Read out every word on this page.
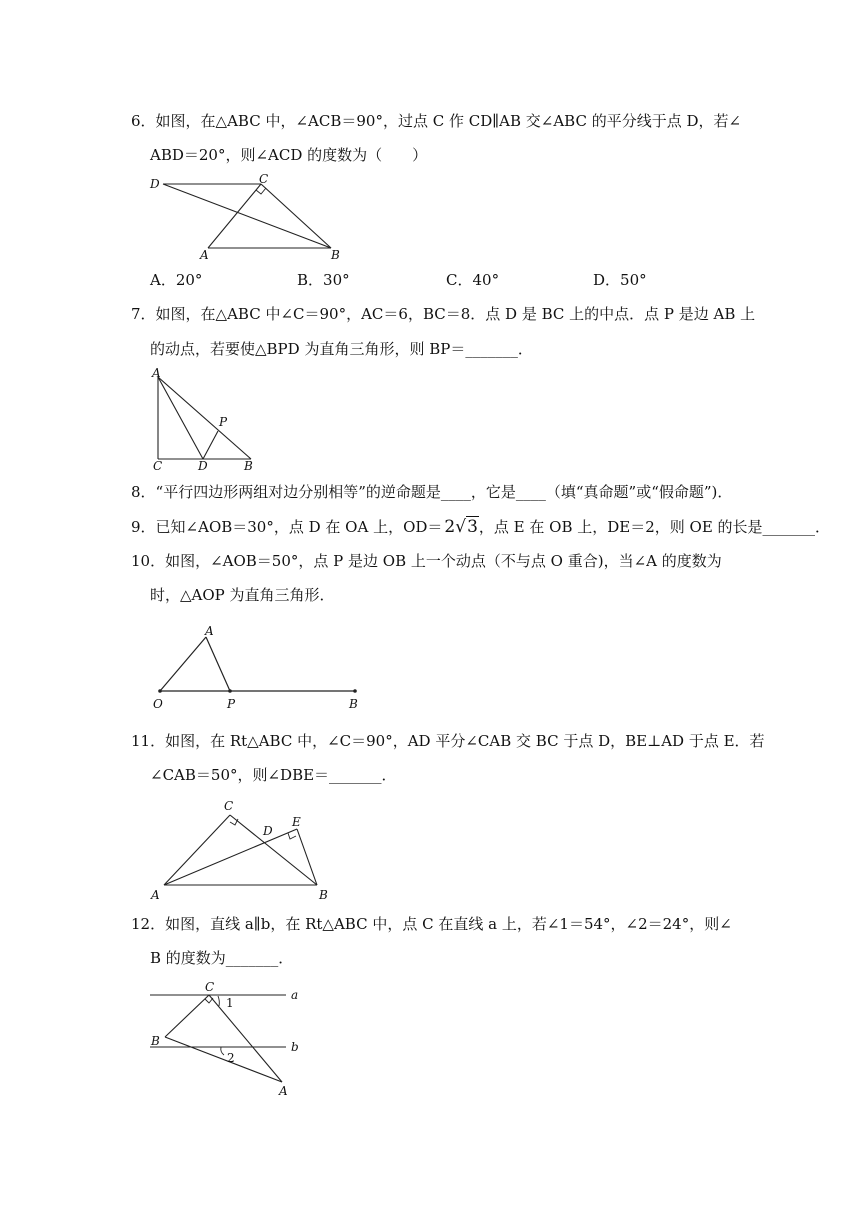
6．如图，在△ABC 中，∠ACB＝90°，过点 C 作 CD∥AB 交∠ABC 的平分线于点 D，若∠
ABD＝20°，则∠ACD 的度数为（　　）
D	C
A	B
A．20°	B．30°	C．40°	D．50°
7．如图，在△ABC 中∠C＝90°，AC＝6，BC＝8．点 D 是 BC 上的中点．点 P 是边 AB 上
的动点，若要使△BPD 为直角三角形，则 BP＝_______．
A
P
C	D	B
8．“平行四边形两组对边分别相等”的逆命题是____，它是____（填“真命题”或“假命题”)．
9．已知∠AOB＝30°，点 D 在 OA 上，OD＝ 2√3，点 E 在 OB 上，DE＝2，则 OE 的长是_______．
10．如图，∠AOB＝50°，点 P 是边 OB 上一个动点（不与点 O 重合)，当∠A 的度数为
时，△AOP 为直角三角形．
A
O	P	B
11．如图，在 Rt△ABC 中，∠C＝90°，AD 平分∠CAB 交 BC 于点 D，BE⊥AD 于点 E．若
∠CAB＝50°，则∠DBE＝_______．
C
D
E
A	B
12．如图，直线 a∥b，在 Rt△ABC 中，点 C 在直线 a 上，若∠1＝54°，∠2＝24°，则∠
B 的度数为_______．
C
a
1
B	b
2
A
